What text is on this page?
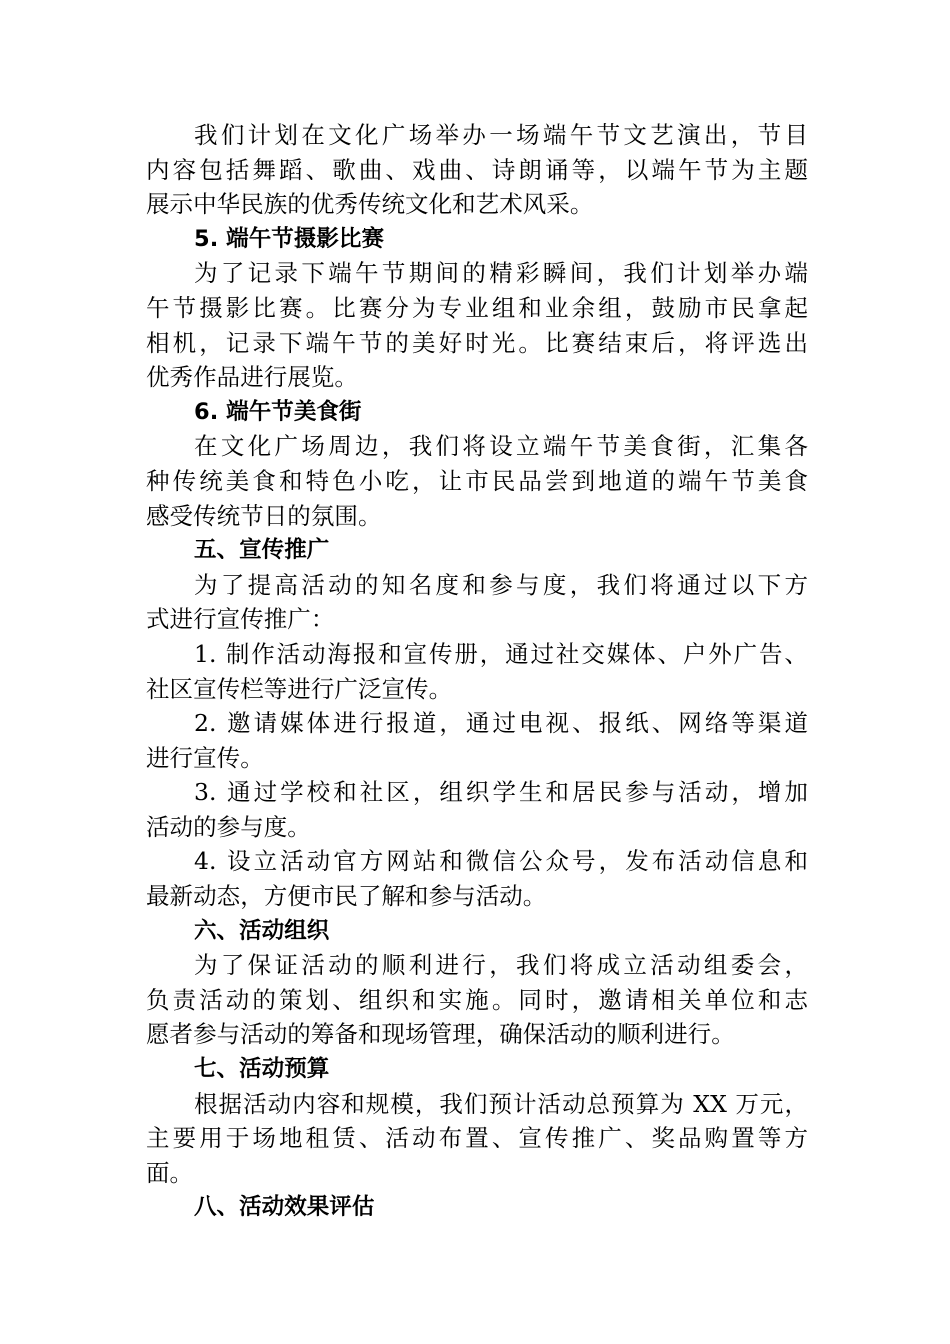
我们计划在文化广场举办一场端午节文艺演出，节目
内容包括舞蹈、歌曲、戏曲、诗朗诵等，以端午节为主题
展示中华民族的优秀传统文化和艺术风采。
5. 端午节摄影比赛
为了记录下端午节期间的精彩瞬间，我们计划举办端
午节摄影比赛。比赛分为专业组和业余组，鼓励市民拿起
相机，记录下端午节的美好时光。比赛结束后，将评选出
优秀作品进行展览。
6. 端午节美食街
在文化广场周边，我们将设立端午节美食街，汇集各
种传统美食和特色小吃，让市民品尝到地道的端午节美食
感受传统节日的氛围。
五、宣传推广
为了提高活动的知名度和参与度，我们将通过以下方
式进行宣传推广：
1. 制作活动海报和宣传册，通过社交媒体、户外广告、
社区宣传栏等进行广泛宣传。
2. 邀请媒体进行报道，通过电视、报纸、网络等渠道
进行宣传。
3. 通过学校和社区，组织学生和居民参与活动，增加
活动的参与度。
4. 设立活动官方网站和微信公众号，发布活动信息和
最新动态，方便市民了解和参与活动。
六、活动组织
为了保证活动的顺利进行，我们将成立活动组委会，
负责活动的策划、组织和实施。同时，邀请相关单位和志
愿者参与活动的筹备和现场管理，确保活动的顺利进行。
七、活动预算
根据活动内容和规模，我们预计活动总预算为 XX 万元，
主要用于场地租赁、活动布置、宣传推广、奖品购置等方
面。
八、活动效果评估
